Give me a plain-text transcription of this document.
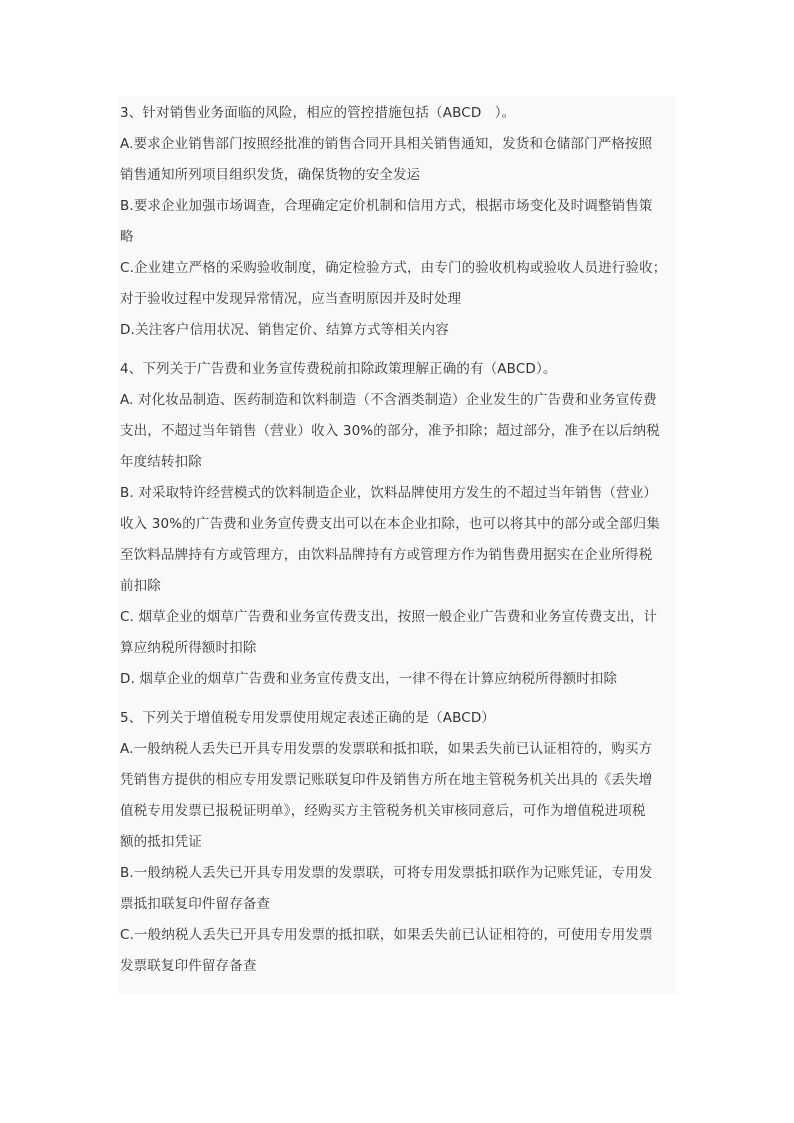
3、针对销售业务面临的风险，相应的管控措施包括（ABCD   ）。
A.要求企业销售部门按照经批准的销售合同开具相关销售通知，发货和仓储部门严格按照
销售通知所列项目组织发货，确保货物的安全发运
B.要求企业加强市场调查，合理确定定价机制和信用方式，根据市场变化及时调整销售策
略
C.企业建立严格的采购验收制度，确定检验方式，由专门的验收机构或验收人员进行验收；
对于验收过程中发现异常情况，应当查明原因并及时处理
D.关注客户信用状况、销售定价、结算方式等相关内容
4、下列关于广告费和业务宣传费税前扣除政策理解正确的有（ABCD）。
A. 对化妆品制造、医药制造和饮料制造（不含酒类制造）企业发生的广告费和业务宣传费
支出，不超过当年销售（营业）收入 30%的部分，准予扣除；超过部分，准予在以后纳税
年度结转扣除
B. 对采取特许经营模式的饮料制造企业，饮料品牌使用方发生的不超过当年销售（营业）
收入 30%的广告费和业务宣传费支出可以在本企业扣除，也可以将其中的部分或全部归集
至饮料品牌持有方或管理方，由饮料品牌持有方或管理方作为销售费用据实在企业所得税
前扣除
C. 烟草企业的烟草广告费和业务宣传费支出，按照一般企业广告费和业务宣传费支出，计
算应纳税所得额时扣除
D. 烟草企业的烟草广告费和业务宣传费支出，一律不得在计算应纳税所得额时扣除
5、下列关于增值税专用发票使用规定表述正确的是（ABCD）
A.一般纳税人丢失已开具专用发票的发票联和抵扣联，如果丢失前已认证相符的，购买方
凭销售方提供的相应专用发票记账联复印件及销售方所在地主管税务机关出具的《丢失增
值税专用发票已报税证明单》，经购买方主管税务机关审核同意后，可作为增值税进项税
额的抵扣凭证
B.一般纳税人丢失已开具专用发票的发票联，可将专用发票抵扣联作为记账凭证，专用发
票抵扣联复印件留存备查
C.一般纳税人丢失已开具专用发票的抵扣联，如果丢失前已认证相符的，可使用专用发票
发票联复印件留存备查
